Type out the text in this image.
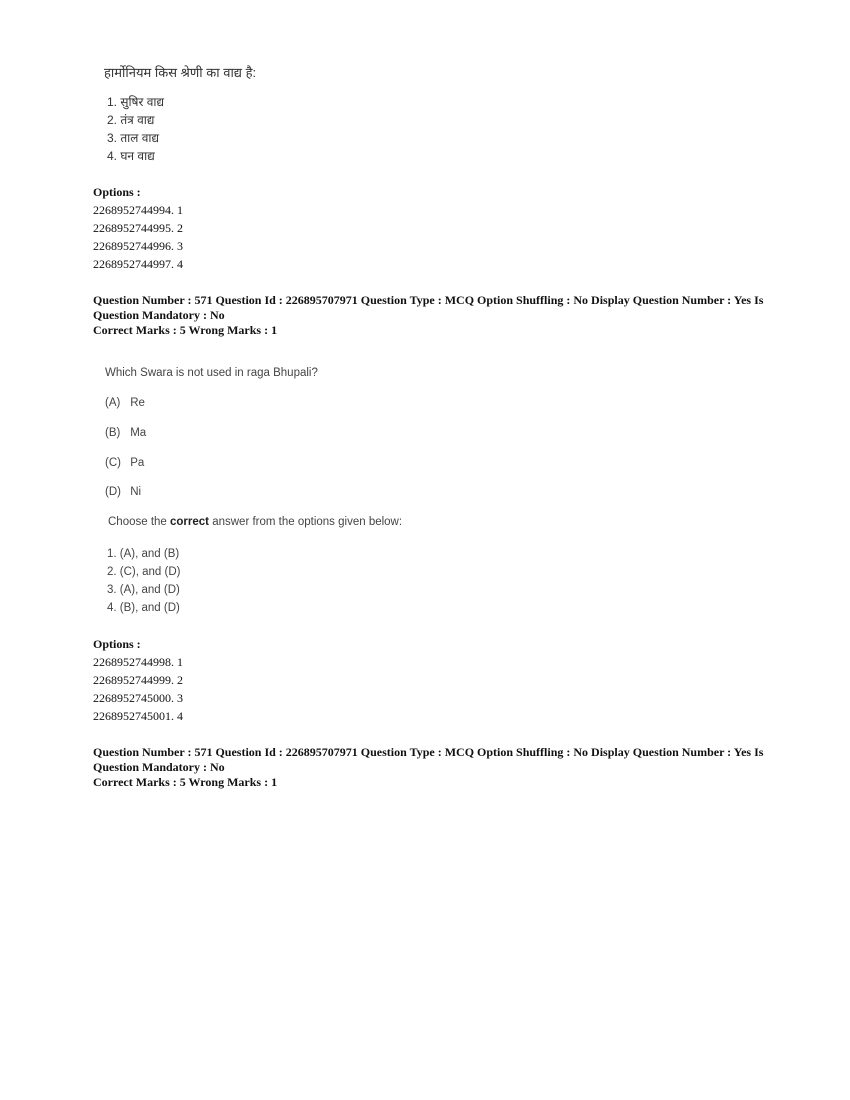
हार्मोनियम किस श्रेणी का वाद्य है:
1. सुषिर वाद्य
2. तंत्र वाद्य
3. ताल वाद्य
4. घन वाद्य
Options :
2268952744994. 1
2268952744995. 2
2268952744996. 3
2268952744997. 4
Question Number : 571 Question Id : 226895707971 Question Type : MCQ Option Shuffling : No Display Question Number : Yes Is Question Mandatory : No
Correct Marks : 5 Wrong Marks : 1
Which Swara is not used in raga Bhupali?
(A) Re
(B) Ma
(C) Pa
(D) Ni
Choose the correct answer from the options given below:
1. (A), and (B)
2. (C), and (D)
3. (A), and (D)
4. (B), and (D)
Options :
2268952744998. 1
2268952744999. 2
2268952745000. 3
2268952745001. 4
Question Number : 571 Question Id : 226895707971 Question Type : MCQ Option Shuffling : No Display Question Number : Yes Is Question Mandatory : No
Correct Marks : 5 Wrong Marks : 1
